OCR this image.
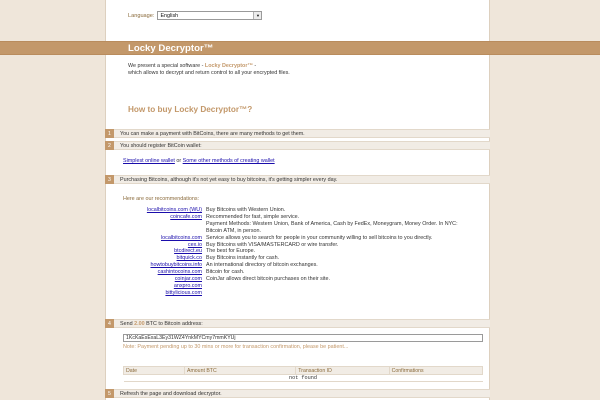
Language: English	▼
Locky Decryptor™
We present a special software - Locky Decryptor™ -
which allows to decrypt and return control to all your encrypted files.
How to buy Locky Decryptor™?
1	You can make a payment with BitCoins, there are many methods to get them.
2	You should register BitCoin wallet:
Simplest online wallet or Some other methods of creating wallet
3	Purchasing Bitcoins, although it's not yet easy to buy bitcoins, it's getting simpler every day.
Here are our recommendations:
localbitcoins.com (WU) Buy Bitcoins with Western Union.
coincafe.com Recommended for fast, simple service.
Payment Methods: Western Union, Bank of America, Cash by FedEx, Moneygram, Money Order. In NYC:
Bitcoin ATM, in person.
localbitcoins.com Service allows you to search for people in your community willing to sell bitcoins to you directly.
cex.io Buy Bitcoins with VISA/MASTERCARD or wire transfer.
btcdirect.eu The best for Europe.
bitquick.co Buy Bitcoins instantly for cash.
howtobuybitcoins.info An international directory of bitcoin exchanges.
cashintocoins.com Bitcoin for cash.
coinjar.com CoinJar allows direct bitcoin purchases on their site.
anxpro.com
bittylicious.com
4	Send 2.00 BTC to Bitcoin address:
1KcKaEsExaL3Ey31WZ4YnkMYCmy7mmKYUj
Note: Payment pending up to 30 mins or more for transaction confirmation, please be patient...
Date	Amount BTC	Transaction ID	Confirmations
not found
5	Refresh the page and download decryptor.
